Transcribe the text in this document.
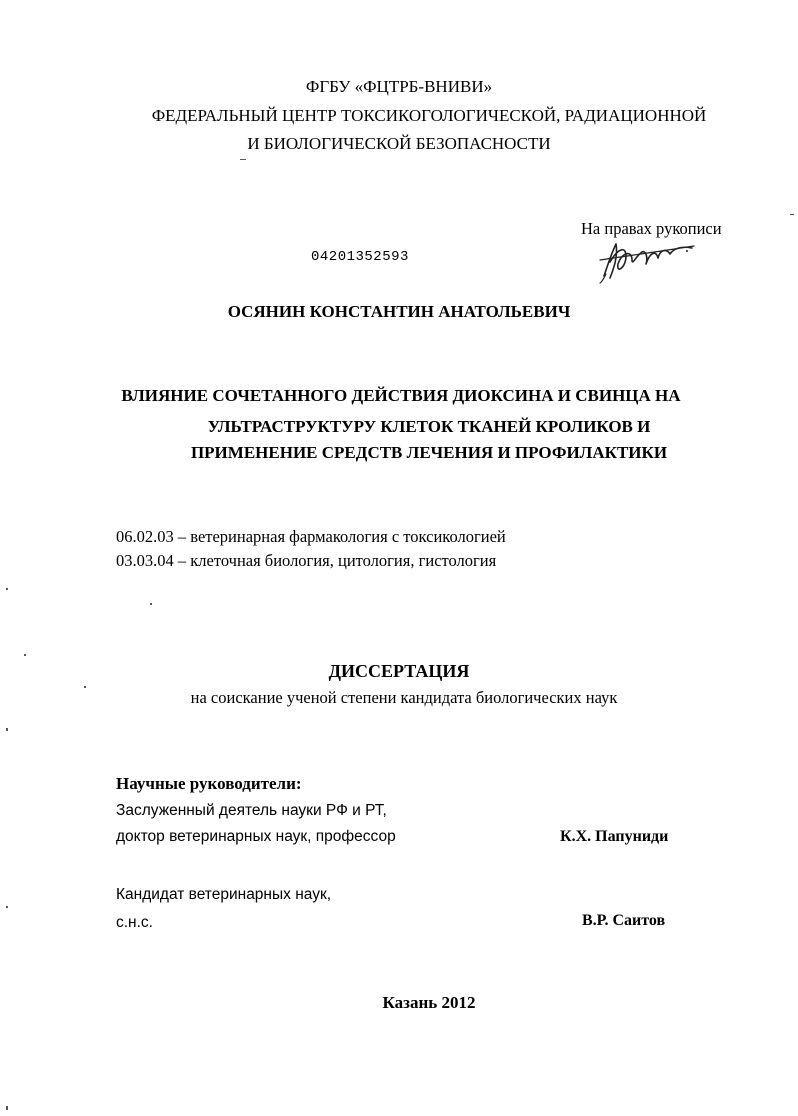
ФГБУ «ФЦТРБ-ВНИВИ»
ФЕДЕРАЛЬНЫЙ ЦЕНТР ТОКСИКОГОЛОГИЧЕСКОЙ, РАДИАЦИОННОЙ
И БИОЛОГИЧЕСКОЙ БЕЗОПАСНОСТИ
На правах рукописи
04201352593
ОСЯНИН КОНСТАНТИН АНАТОЛЬЕВИЧ
ВЛИЯНИЕ СОЧЕТАННОГО ДЕЙСТВИЯ ДИОКСИНА И СВИНЦА НА
УЛЬТРАСТРУКТУРУ КЛЕТОК ТКАНЕЙ КРОЛИКОВ И
ПРИМЕНЕНИЕ СРЕДСТВ ЛЕЧЕНИЯ И ПРОФИЛАКТИКИ
06.02.03 – ветеринарная фармакология с токсикологией
03.03.04 – клеточная биология, цитология, гистология
ДИССЕРТАЦИЯ
на соискание ученой степени кандидата биологических наук
Научные руководители:
Заслуженный деятель науки РФ и РТ,
доктор ветеринарных наук, профессор	К.Х. Папуниди
Кандидат ветеринарных наук,
с.н.с.	В.Р. Саитов
Казань 2012
